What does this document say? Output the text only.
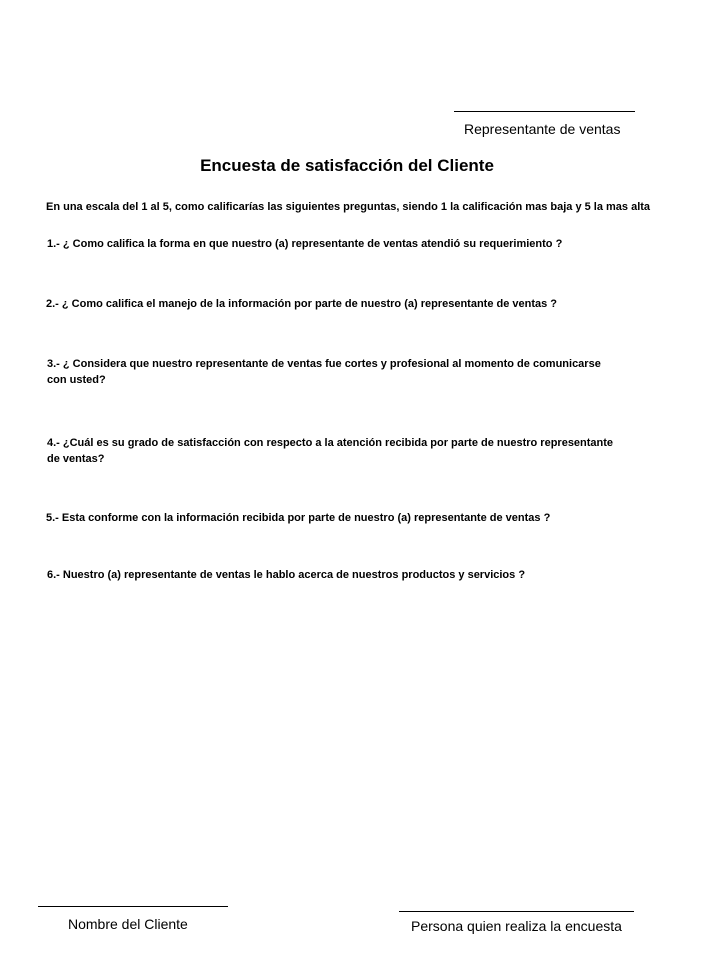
Representante de ventas
Encuesta de satisfacción del Cliente
En una escala del 1 al 5, como calificarías las siguientes preguntas, siendo 1 la calificación mas baja y 5 la mas alta
1.- ¿ Como califica la forma en que nuestro (a) representante de ventas atendió su requerimiento ?
2.- ¿ Como califica el manejo de la información por parte de nuestro (a) representante de ventas ?
3.- ¿ Considera que nuestro representante de ventas fue cortes y profesional al momento de comunicarse
con usted?
4.- ¿Cuál es su grado de satisfacción con respecto a la atención recibida por parte de nuestro representante
de ventas?
5.- Esta conforme con la información recibida por parte de nuestro (a) representante de ventas ?
6.- Nuestro (a) representante de ventas le hablo acerca de nuestros productos y servicios ?
Nombre del Cliente	Persona quien realiza la encuesta
